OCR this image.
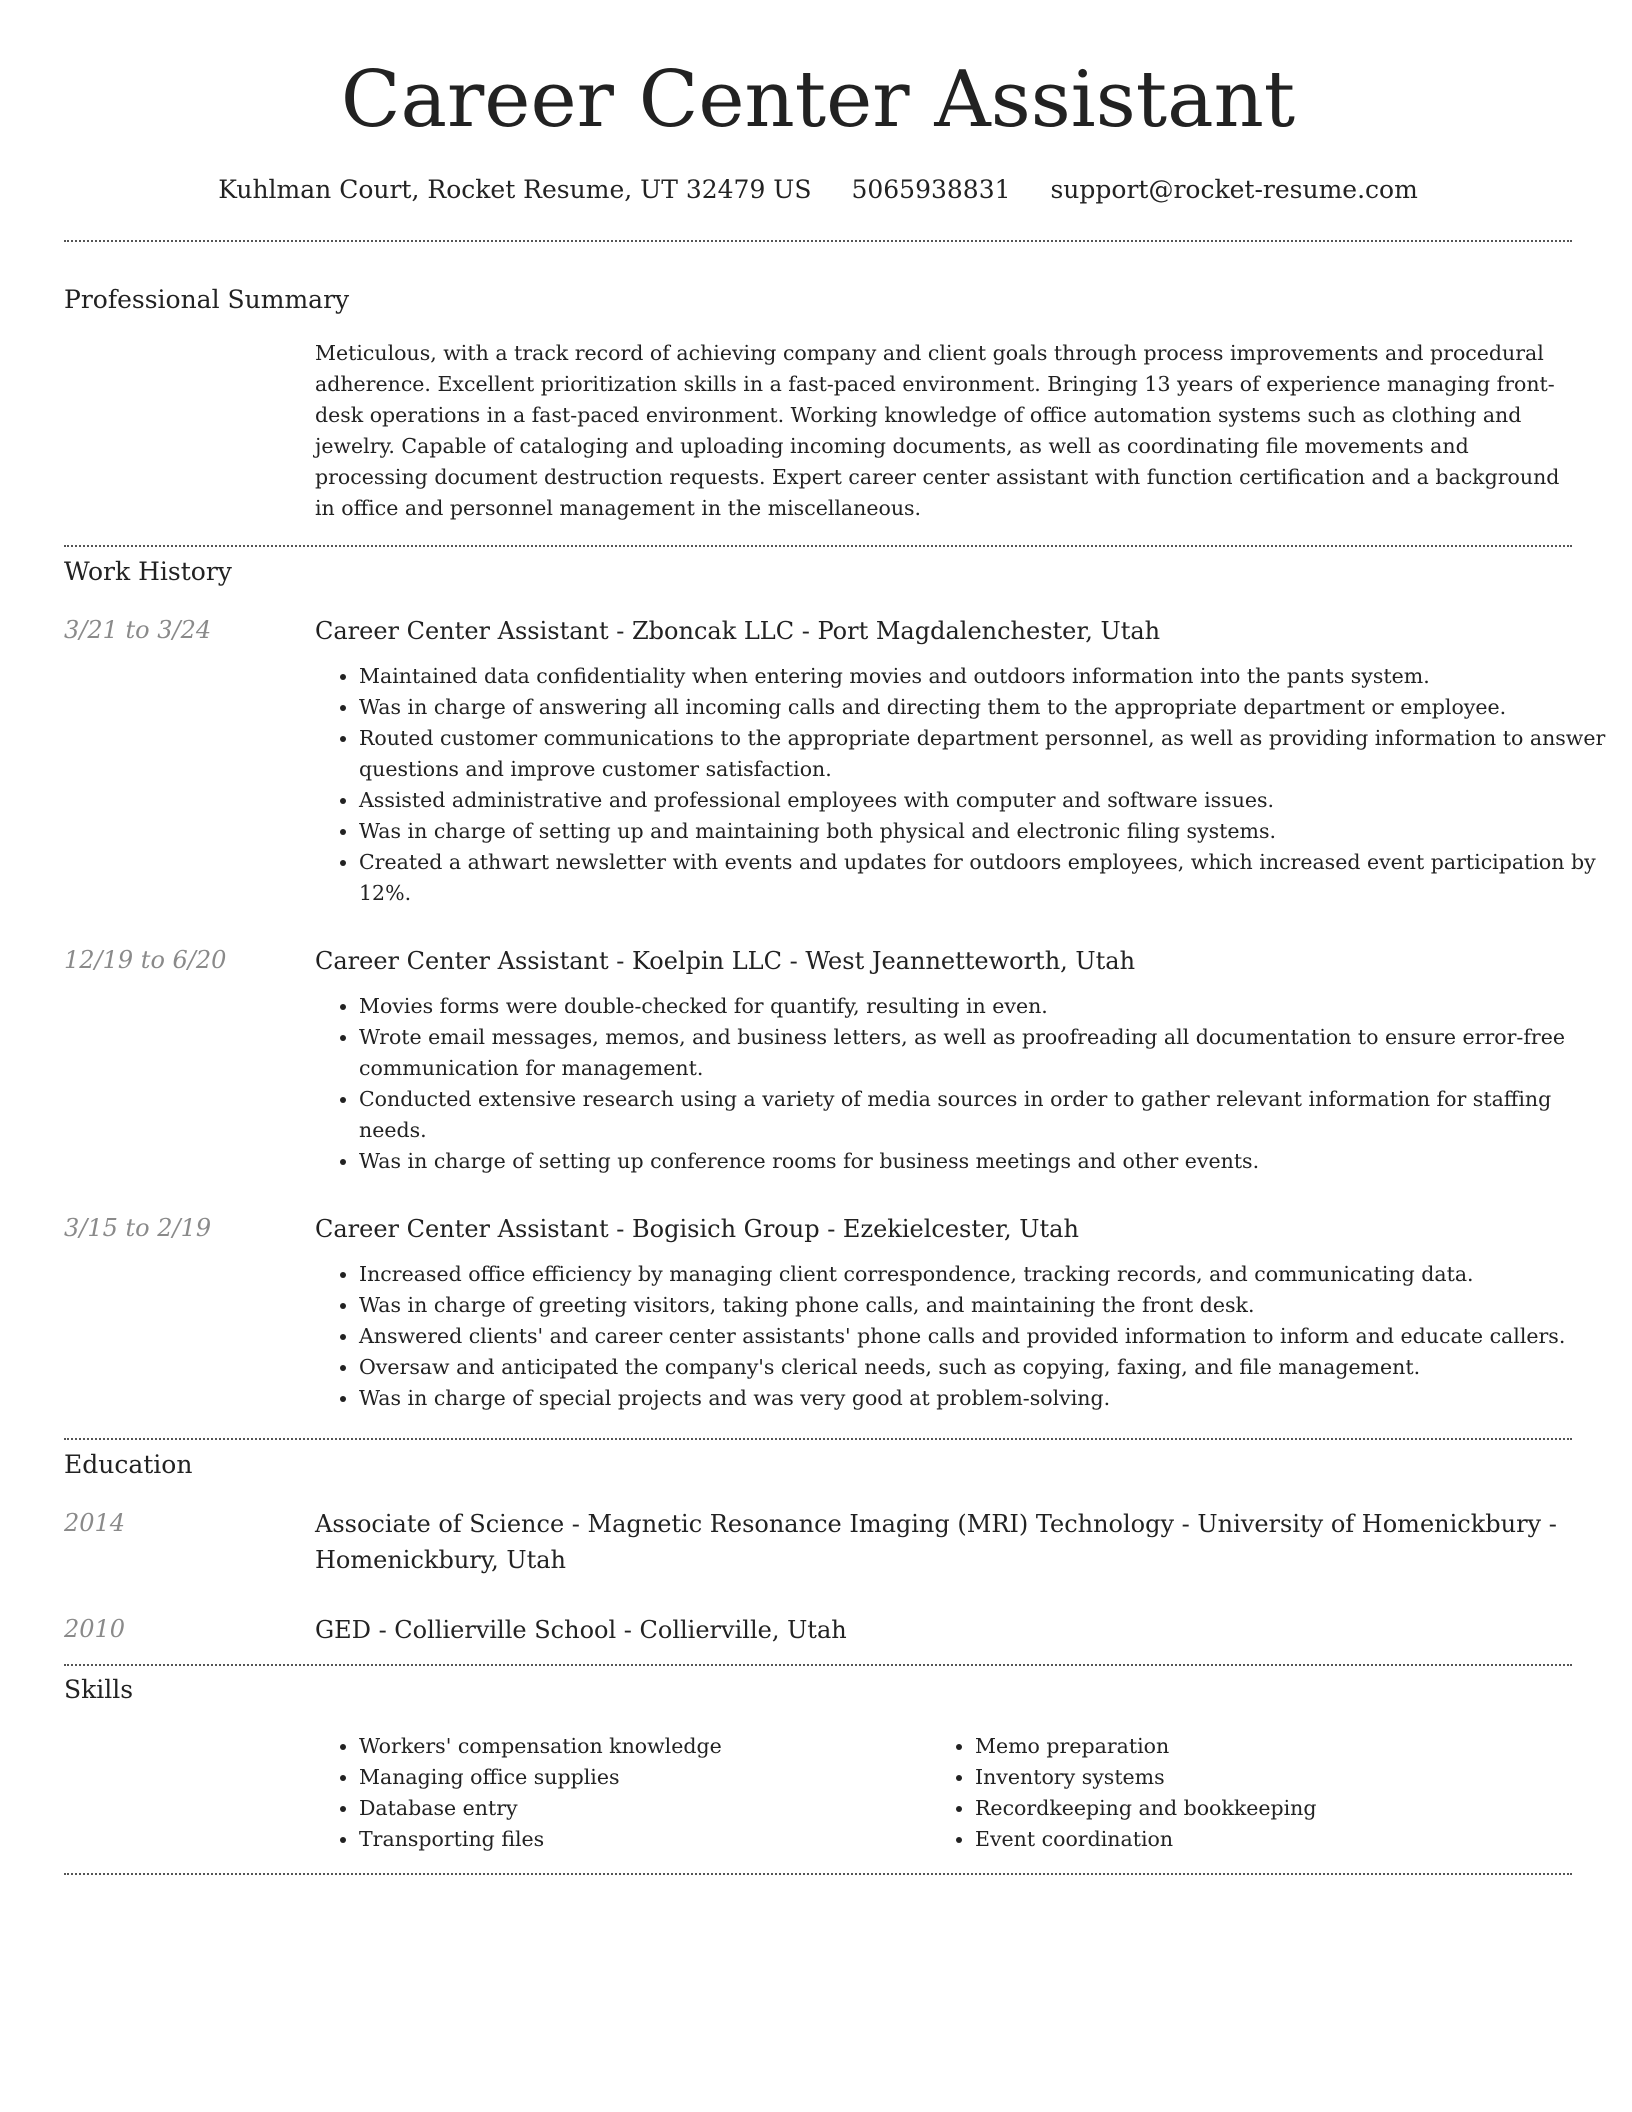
Career Center Assistant
Kuhlman Court, Rocket Resume, UT 32479 US 5065938831 support@rocket-resume.com
Professional Summary

Meticulous, with a track record of achieving company and client goals through process improvements and procedural adherence. Excellent prioritization skills in a fast-paced environment. Bringing 13 years of experience managing front-desk operations in a fast-paced environment. Working knowledge of office automation systems such as clothing and jewelry. Capable of cataloging and uploading incoming documents, as well as coordinating file movements and processing document destruction requests. Expert career center assistant with function certification and a background in office and personnel management in the miscellaneous.

Work History
3/21 to 3/24	Career Center Assistant - Zboncak LLC - Port Magdalenchester, Utah
• Maintained data confidentiality when entering movies and outdoors information into the pants system.
• Was in charge of answering all incoming calls and directing them to the appropriate department or employee.
• Routed customer communications to the appropriate department personnel, as well as providing information to answer questions and improve customer satisfaction.
• Assisted administrative and professional employees with computer and software issues.
• Was in charge of setting up and maintaining both physical and electronic filing systems.
• Created a athwart newsletter with events and updates for outdoors employees, which increased event participation by 12%.
12/19 to 6/20	Career Center Assistant - Koelpin LLC - West Jeannetteworth, Utah
• Movies forms were double-checked for quantify, resulting in even.
• Wrote email messages, memos, and business letters, as well as proofreading all documentation to ensure error-free communication for management.
• Conducted extensive research using a variety of media sources in order to gather relevant information for staffing needs.
• Was in charge of setting up conference rooms for business meetings and other events.
3/15 to 2/19	Career Center Assistant - Bogisich Group - Ezekielcester, Utah
• Increased office efficiency by managing client correspondence, tracking records, and communicating data.
• Was in charge of greeting visitors, taking phone calls, and maintaining the front desk.
• Answered clients' and career center assistants' phone calls and provided information to inform and educate callers.
• Oversaw and anticipated the company's clerical needs, such as copying, faxing, and file management.
• Was in charge of special projects and was very good at problem-solving.
Education
2014	Associate of Science - Magnetic Resonance Imaging (MRI) Technology - University of Homenickbury - Homenickbury, Utah
2010	GED - Collierville School - Collierville, Utah
Skills
• Workers' compensation knowledge
• Managing office supplies
• Database entry
• Transporting files
• Memo preparation
• Inventory systems
• Recordkeeping and bookkeeping
• Event coordination
